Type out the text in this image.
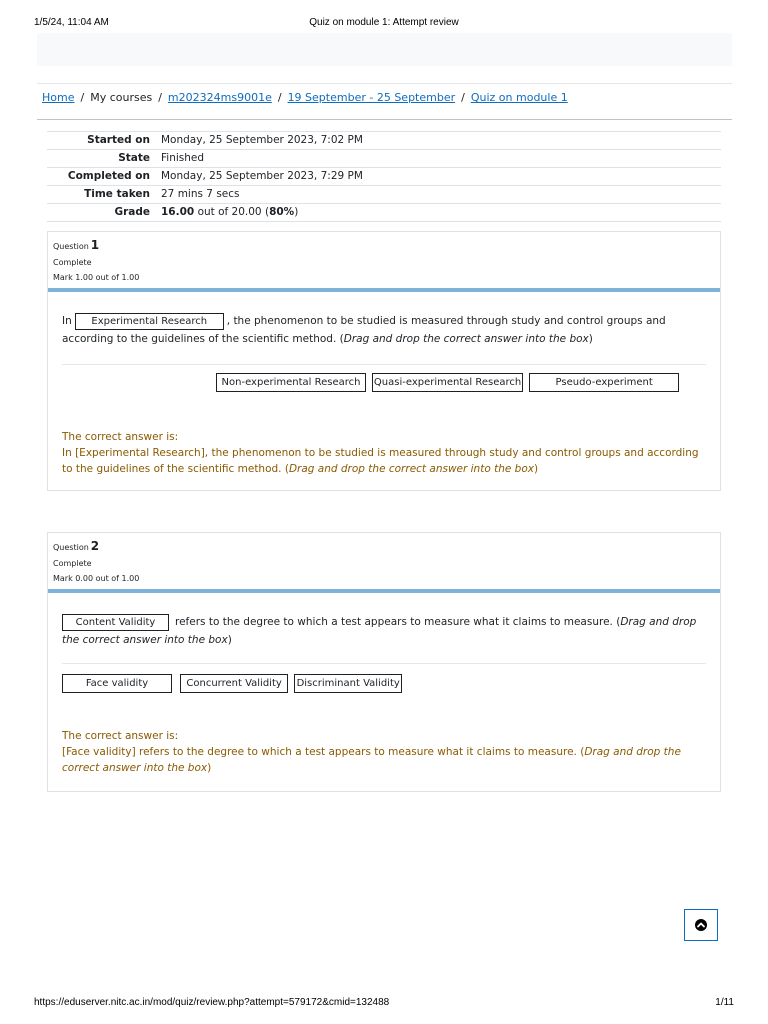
1/5/24, 11:04 AM	Quiz on module 1: Attempt review
Home / My courses / m202324ms9001e / 19 September - 25 September / Quiz on module 1
Started on	Monday, 25 September 2023, 7:02 PM
State	Finished
Completed on	Monday, 25 September 2023, 7:29 PM
Time taken	27 mins 7 secs
Grade	16.00 out of 20.00 (80%)
Question 1
Complete
Mark 1.00 out of 1.00
In Experimental Research , the phenomenon to be studied is measured through study and control groups and according to the guidelines of the scientific method. (Drag and drop the correct answer into the box)
Non-experimental Research Quasi-experimental Research	Pseudo-experiment
The correct answer is:
In [Experimental Research], the phenomenon to be studied is measured through study and control groups and according to the guidelines of the scientific method. (Drag and drop the correct answer into the box)
Question 2
Complete
Mark 0.00 out of 1.00
Content Validity refers to the degree to which a test appears to measure what it claims to measure. (Drag and drop the correct answer into the box)
Face validity	Concurrent Validity Discriminant Validity
The correct answer is:
[Face validity] refers to the degree to which a test appears to measure what it claims to measure. (Drag and drop the correct answer into the box)
https://eduserver.nitc.ac.in/mod/quiz/review.php?attempt=579172&cmid=132488	1/11
